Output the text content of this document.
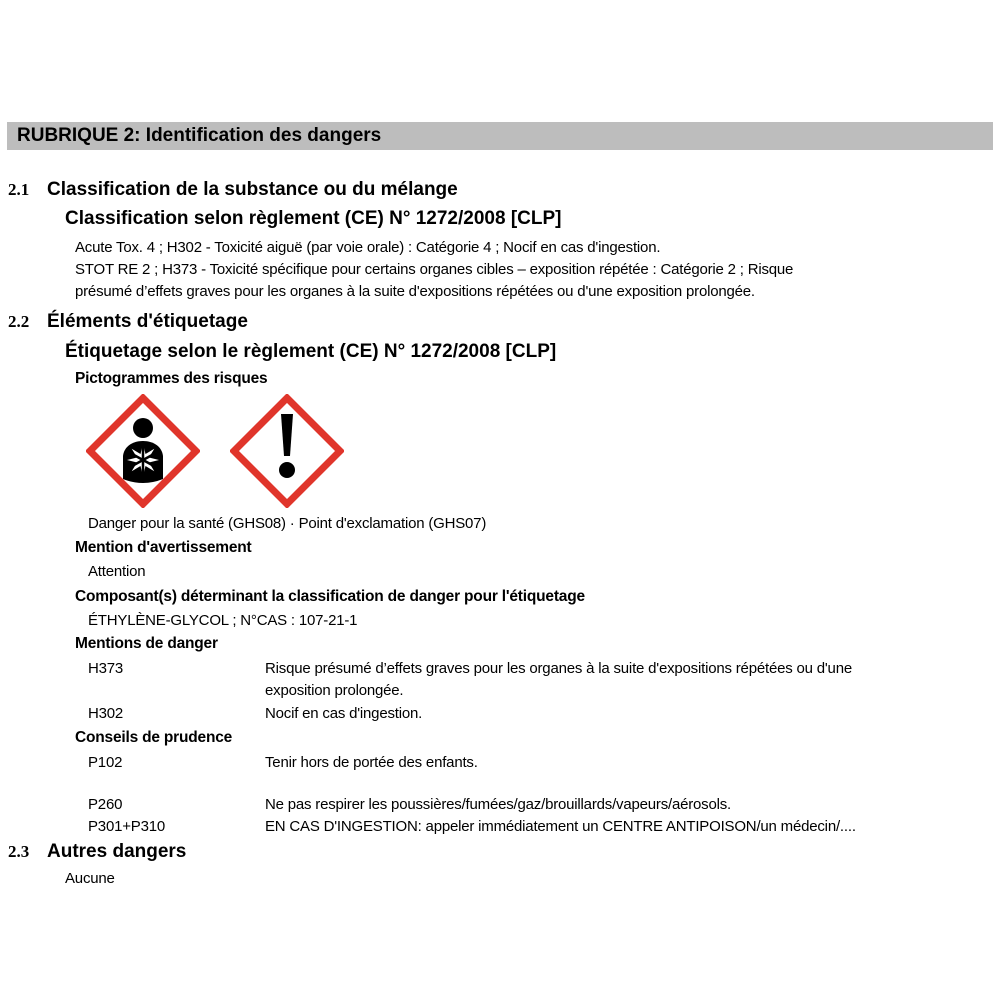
RUBRIQUE 2: Identification des dangers
2.1 Classification de la substance ou du mélange
Classification selon règlement (CE) N° 1272/2008 [CLP]
Acute Tox. 4 ; H302 - Toxicité aiguë (par voie orale) : Catégorie 4 ; Nocif en cas d'ingestion.
STOT RE 2 ; H373 - Toxicité spécifique pour certains organes cibles – exposition répétée : Catégorie 2 ; Risque
présumé d’effets graves pour les organes à la suite d'expositions répétées ou d'une exposition prolongée.
2.2 Éléments d'étiquetage
Étiquetage selon le règlement (CE) N° 1272/2008 [CLP]
Pictogrammes des risques
Danger pour la santé (GHS08) · Point d'exclamation (GHS07)
Mention d'avertissement
Attention
Composant(s) déterminant la classification de danger pour l'étiquetage
ÉTHYLÈNE-GLYCOL ; N°CAS : 107-21-1
Mentions de danger
H373	Risque présumé d’effets graves pour les organes à la suite d'expositions répétées ou d'une
exposition prolongée.
H302	Nocif en cas d'ingestion.
Conseils de prudence
P102	Tenir hors de portée des enfants.
P260	Ne pas respirer les poussières/fumées/gaz/brouillards/vapeurs/aérosols.
P301+P310	EN CAS D'INGESTION: appeler immédiatement un CENTRE ANTIPOISON/un médecin/....
2.3 Autres dangers
Aucune
